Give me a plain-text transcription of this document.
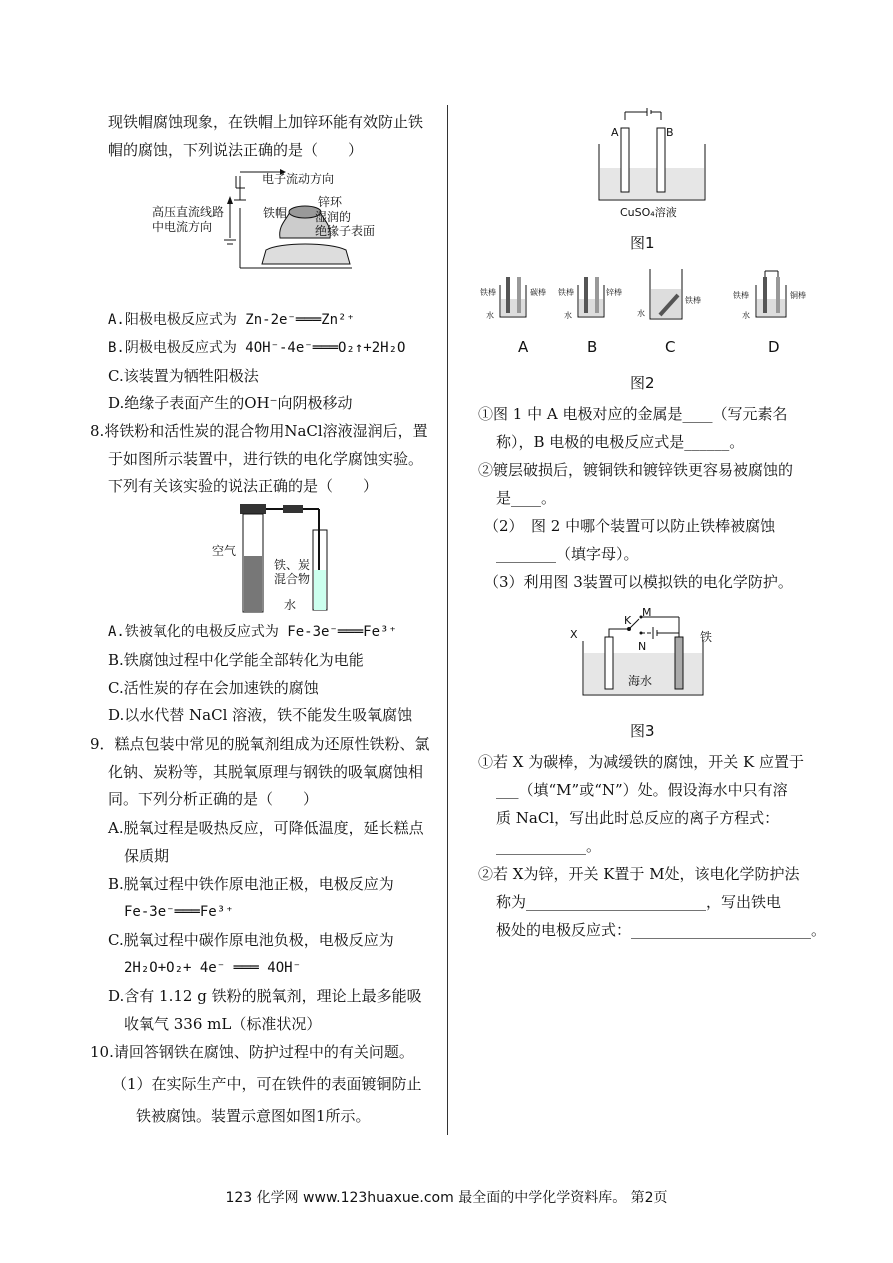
现铁帽腐蚀现象，在铁帽上加锌环能有效防止铁
帽的腐蚀，下列说法正确的是（　　）
电子流动方向
锌环
铁帽 湿润的
绝缘子表面
高压直流线路
中电流方向
A.阳极电极反应式为 Zn-2e⁻═══Zn²⁺
B.阴极电极反应式为 4OH⁻-4e⁻═══O₂↑+2H₂O
C.该装置为牺牲阳极法
D.绝缘子表面产生的OH⁻向阴极移动
8.将铁粉和活性炭的混合物用NaCl溶液湿润后，置
于如图所示装置中，进行铁的电化学腐蚀实验。
下列有关该实验的说法正确的是（　　）
空气
铁、炭
混合物
水
A.铁被氧化的电极反应式为 Fe-3e⁻═══Fe³⁺
B.铁腐蚀过程中化学能全部转化为电能
C.活性炭的存在会加速铁的腐蚀
D.以水代替 NaCl 溶液，铁不能发生吸氧腐蚀
9．糕点包装中常见的脱氧剂组成为还原性铁粉、氯
化钠、炭粉等，其脱氧原理与钢铁的吸氧腐蚀相
同。下列分析正确的是（　　）
A.脱氧过程是吸热反应，可降低温度，延长糕点
保质期
B.脱氧过程中铁作原电池正极，电极反应为
Fe-3e⁻═══Fe³⁺
C.脱氧过程中碳作原电池负极，电极反应为
2H₂O+O₂+ 4e⁻ ═══ 4OH⁻
D.含有 1.12 g 铁粉的脱氧剂，理论上最多能吸
收氧气 336 mL（标准状况）
10.请回答钢铁在腐蚀、防护过程中的有关问题。
（1）在实际生产中，可在铁件的表面镀铜防止
铁被腐蚀。装置示意图如图1所示。
A	B
CuSO₄溶液
图1
铁棒	碳棒
水
铁棒	锌棒
水	水
铁棒
铁棒	铜棒
水
A	B	C	D
图2
①图 1 中 A 电极对应的金属是____（写元素名
称），B 电极的电极反应式是______。
②镀层破损后，镀铜铁和镀锌铁更容易被腐蚀的
是____。
（2）　图 2 中哪个装置可以防止铁棒被腐蚀
________（填字母）。
（3）利用图 3装置可以模拟铁的电化学防护。
M
K
N
X	铁
海水
图3
①若 X 为碳棒，为减缓铁的腐蚀，开关 K 应置于
___（填“M”或“N”）处。假设海水中只有溶
质 NaCl，写出此时总反应的离子方程式：
____________。
②若 X为锌，开关 K置于 M处，该电化学防护法
称为________________________，写出铁电
极处的电极反应式：________________________。
123 化学网 www.123huaxue.com 最全面的中学化学资料库。 第2页
